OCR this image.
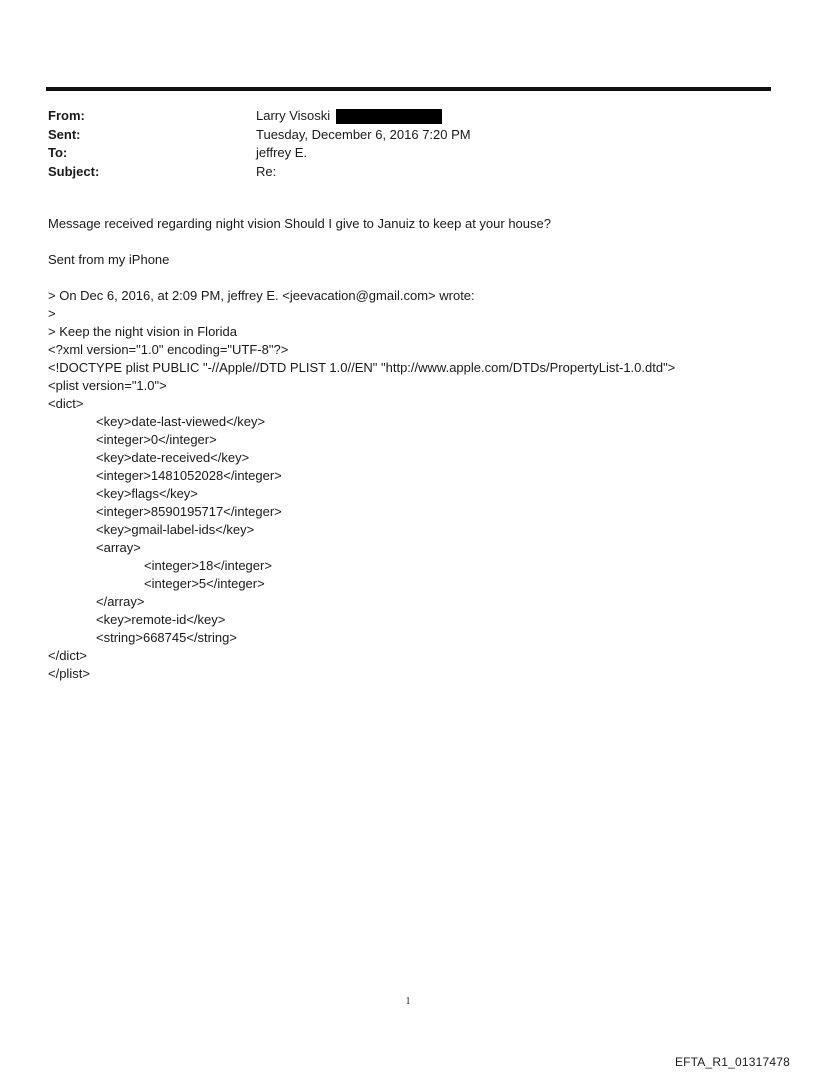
From:	Larry Visoski
Sent:	Tuesday, December 6, 2016 7:20 PM
To:	jeffrey E.
Subject:	Re:

Message received regarding night vision Should I give to Januiz to keep at your house?

Sent from my iPhone

> On Dec 6, 2016, at 2:09 PM, jeffrey E. <jeevacation@gmail.com> wrote:
>
> Keep the night vision in Florida
<?xml version="1.0" encoding="UTF-8"?>
<!DOCTYPE plist PUBLIC "-//Apple//DTD PLIST 1.0//EN" "http://www.apple.com/DTDs/PropertyList-1.0.dtd">
<plist version="1.0">
<dict>
<key>date-last-viewed</key>
<integer>0</integer>
<key>date-received</key>
<integer>1481052028</integer>
<key>flags</key>
<integer>8590195717</integer>
<key>gmail-label-ids</key>
<array>
<integer>18</integer>
<integer>5</integer>
</array>
<key>remote-id</key>
<string>668745</string>
</dict>
</plist>
1
EFTA_R1_01317478
